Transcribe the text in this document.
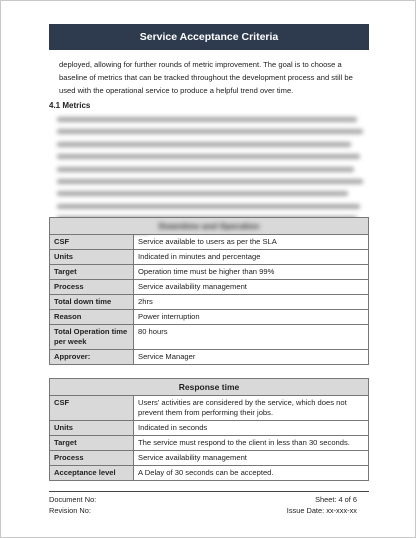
Service Acceptance Criteria

deployed, allowing for further rounds of metric improvement. The goal is to choose a
baseline of metrics that can be tracked throughout the development process and still be
used with the operational service to produce a helpful trend over time.

4.1 Metrics
Downtime and Operation	
CSF	Service available to users as per the SLA
Units	Indicated in minutes and percentage
Target	Operation time must be higher than 99%
Process	Service availability management
Total down time	2hrs
Reason	Power interruption
Total Operation time per week	80 hours
Approver:	Service Manager
Response time	
CSF	Users' activities are considered by the service, which does not prevent them from performing their jobs.
Units	Indicated in seconds
Target	The service must respond to the client in less than 30 seconds.
Process	Service availability management
Acceptance level	A Delay of 30 seconds can be accepted.
Document No:
Revision No:
Sheet: 4 of 6
Issue Date: xx-xxx-xx
